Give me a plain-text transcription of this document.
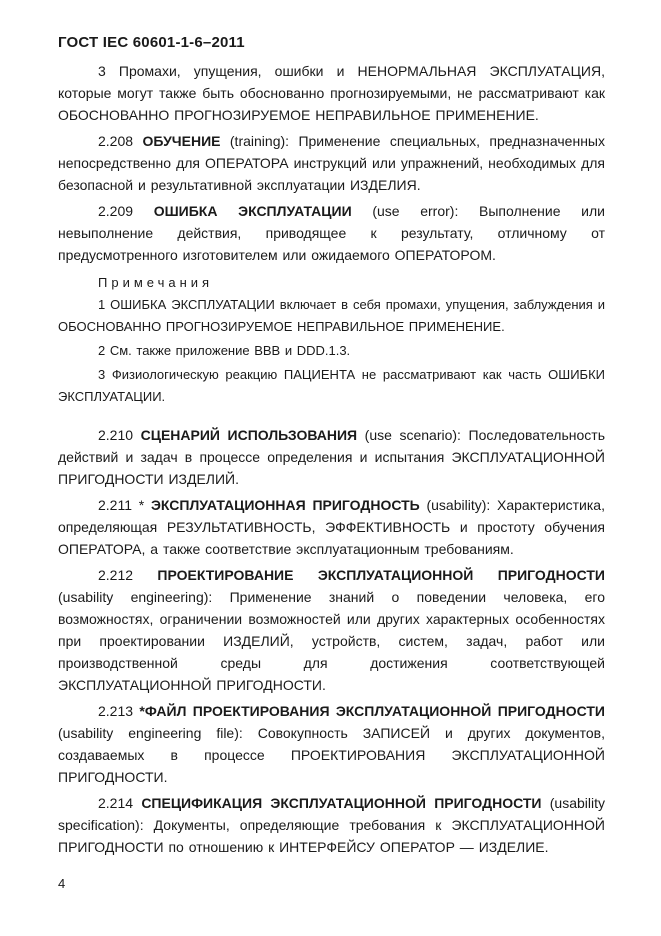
ГОСТ IEC 60601-1-6–2011

3 Промахи, упущения, ошибки и НЕНОРМАЛЬНАЯ ЭКСПЛУАТАЦИЯ, которые могут также быть обоснованно прогнозируемыми, не рассматривают как ОБОСНОВАННО ПРОГНОЗИРУЕМОЕ НЕПРАВИЛЬНОЕ ПРИМЕНЕНИЕ.

2.208 ОБУЧЕНИЕ (training): Применение специальных, предназначенных непосредственно для ОПЕРАТОРА инструкций или упражнений, необходимых для безопасной и результативной эксплуатации ИЗДЕЛИЯ.

2.209 ОШИБКА ЭКСПЛУАТАЦИИ (use error): Выполнение или невыполнение действия, приводящее к результату, отличному от предусмотренного изготовителем или ожидаемого ОПЕРАТОРОМ.

Примечания

1 ОШИБКА ЭКСПЛУАТАЦИИ включает в себя промахи, упущения, заблуждения и ОБОСНОВАННО ПРОГНОЗИРУЕМОЕ НЕПРАВИЛЬНОЕ ПРИМЕНЕНИЕ.

2 См. также приложение BBB и DDD.1.3.

3 Физиологическую реакцию ПАЦИЕНТА не рассматривают как часть ОШИБКИ ЭКСПЛУАТАЦИИ.

2.210 СЦЕНАРИЙ ИСПОЛЬЗОВАНИЯ (use scenario): Последовательность действий и задач в процессе определения и испытания ЭКСПЛУАТАЦИОННОЙ ПРИГОДНОСТИ ИЗДЕЛИЙ.

2.211 * ЭКСПЛУАТАЦИОННАЯ ПРИГОДНОСТЬ (usability): Характеристика, определяющая РЕЗУЛЬТАТИВНОСТЬ, ЭФФЕКТИВНОСТЬ и простоту обучения ОПЕРАТОРА, а также соответствие эксплуатационным требованиям.

2.212 ПРОЕКТИРОВАНИЕ ЭКСПЛУАТАЦИОННОЙ ПРИГОДНОСТИ (usability engineering): Применение знаний о поведении человека, его возможностях, ограничении возможностей или других характерных особенностях при проектировании ИЗДЕЛИЙ, устройств, систем, задач, работ или производственной среды для достижения соответствующей ЭКСПЛУАТАЦИОННОЙ ПРИГОДНОСТИ.

2.213 *ФАЙЛ ПРОЕКТИРОВАНИЯ ЭКСПЛУАТАЦИОННОЙ ПРИГОДНОСТИ (usability engineering file): Совокупность ЗАПИСЕЙ и других документов, создаваемых в процессе ПРОЕКТИРОВАНИЯ ЭКСПЛУАТАЦИОННОЙ ПРИГОДНОСТИ.

2.214 СПЕЦИФИКАЦИЯ ЭКСПЛУАТАЦИОННОЙ ПРИГОДНОСТИ (usability specification): Документы, определяющие требования к ЭКСПЛУАТАЦИОННОЙ ПРИГОДНОСТИ по отношению к ИНТЕРФЕЙСУ ОПЕРАТОР — ИЗДЕЛИЕ.

4
